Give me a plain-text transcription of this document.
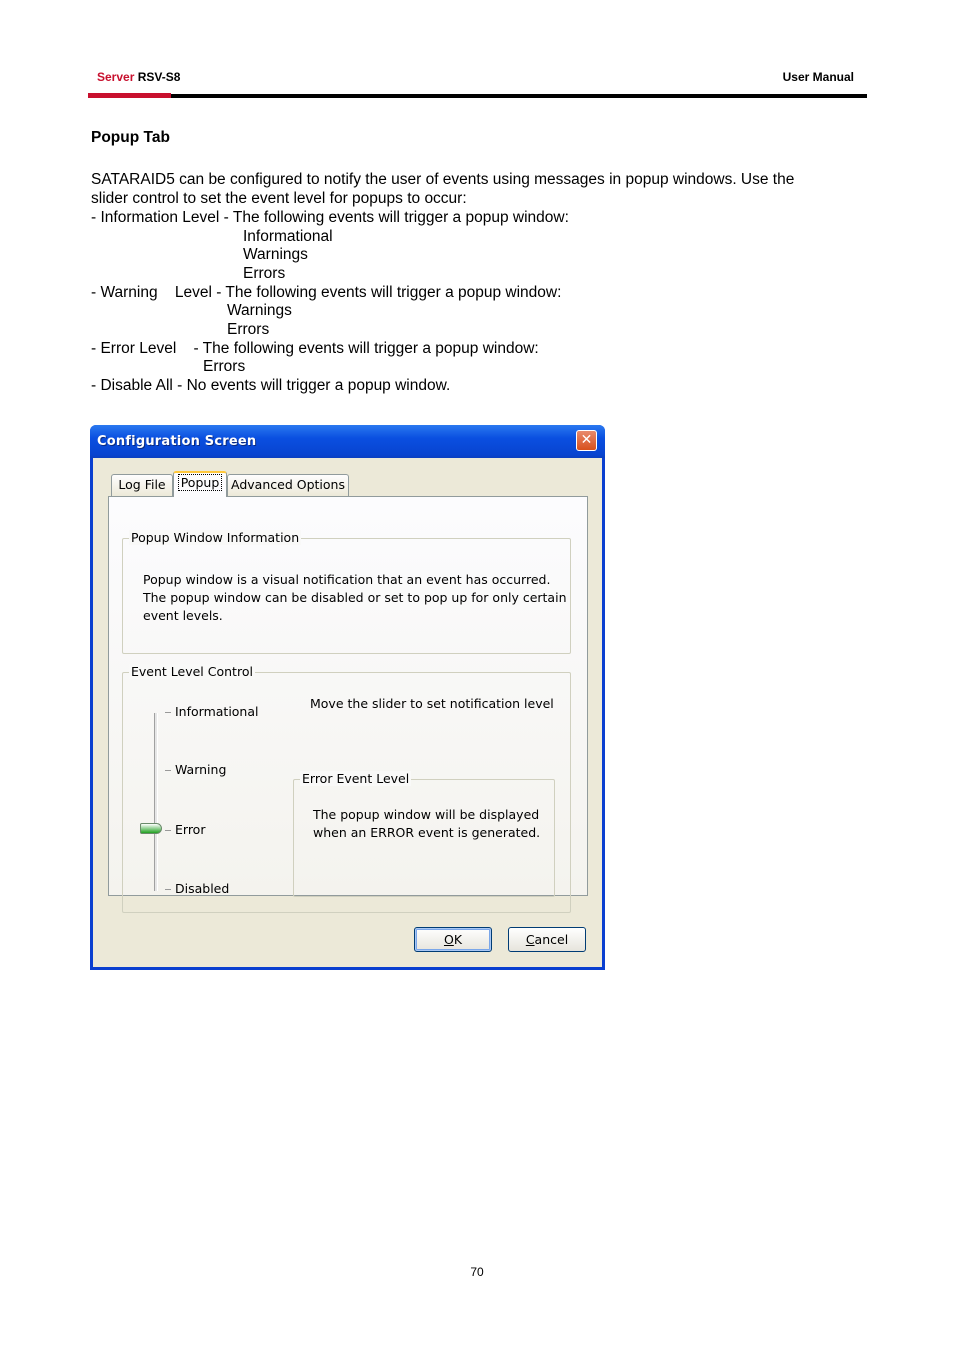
Server RSV-S8	User Manual
Popup Tab
SATARAID5 can be configured to notify the user of events using messages in popup windows. Use the
slider control to set the event level for popups to occur:
- Information Level - The following events will trigger a popup window:
Informational
Warnings
Errors
- Warning    Level - The following events will trigger a popup window:
Warnings
Errors
- Error Level    - The following events will trigger a popup window:
Errors
- Disable All - No events will trigger a popup window.
Configuration Screen	✕
Log File	Popup Advanced Options
Popup Window Information
Popup window is a visual notification that an event has occurred.
The popup window can be disabled or set to pop up for only certain
event levels.
Event Level Control
Informational
Warning
Error
Disabled
Move the slider to set notification level
Error Event Level
The popup window will be displayed
when an ERROR event is generated.
OK	Cancel
70
